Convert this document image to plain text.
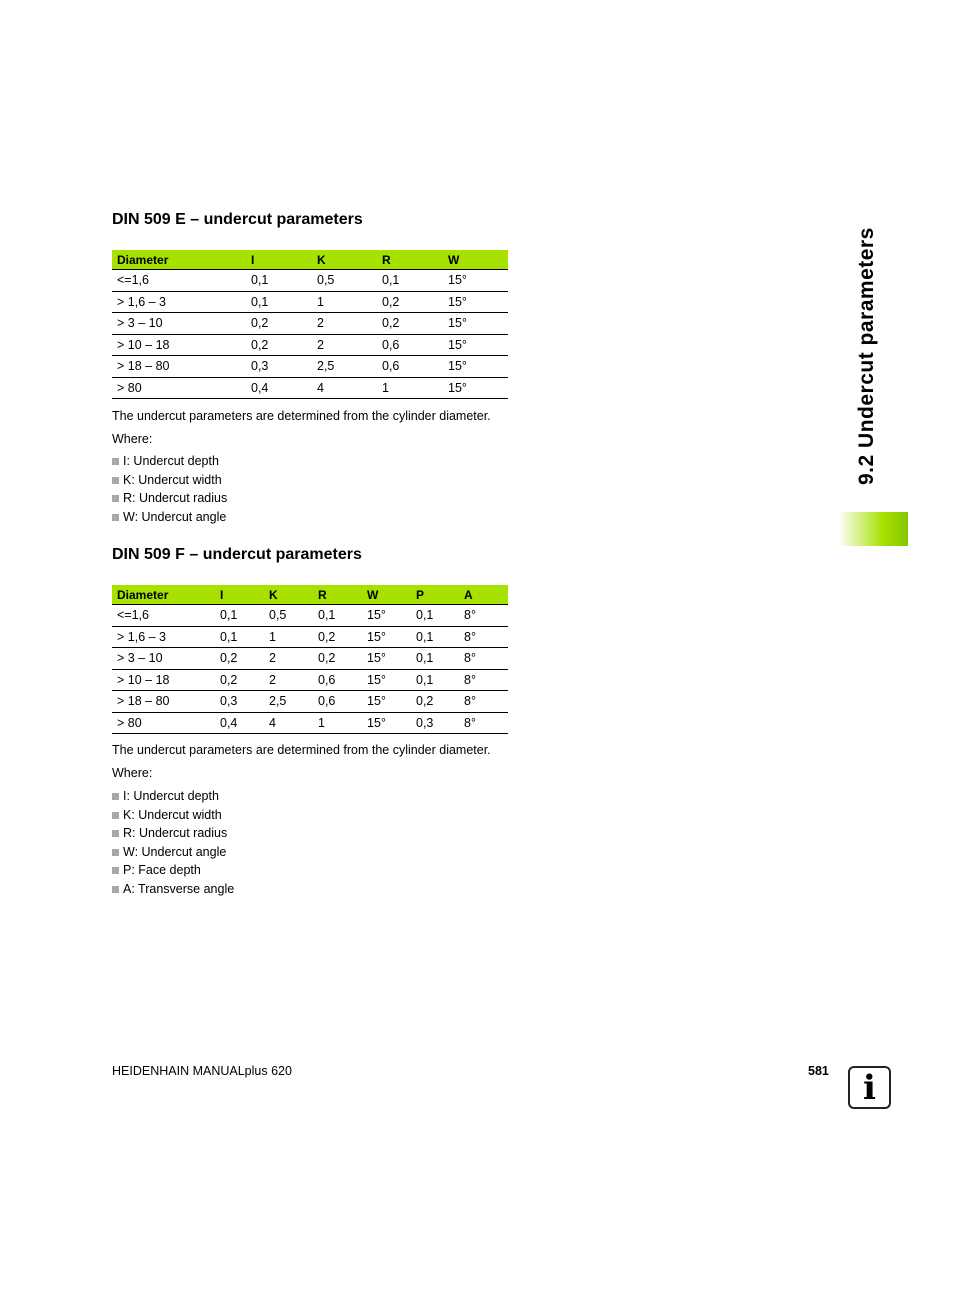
DIN 509 E – undercut parameters
Diameter	I	K	R	W
<=1,6	0,1	0,5	0,1	15°
> 1,6 – 3	0,1	1	0,2	15°
> 3 – 10	0,2	2	0,2	15°
> 10 – 18	0,2	2	0,6	15°
> 18 – 80	0,3	2,5	0,6	15°
> 80	0,4	4	1	15°

The undercut parameters are determined from the cylinder diameter.

Where:

I: Undercut depth
K: Undercut width
R: Undercut radius
W: Undercut angle
DIN 509 F – undercut parameters
Diameter	I	K	R	W	P	A
<=1,6	0,1	0,5	0,1	15°	0,1	8°
> 1,6 – 3	0,1	1	0,2	15°	0,1	8°
> 3 – 10	0,2	2	0,2	15°	0,1	8°
> 10 – 18	0,2	2	0,6	15°	0,1	8°
> 18 – 80	0,3	2,5	0,6	15°	0,2	8°
> 80	0,4	4	1	15°	0,3	8°

The undercut parameters are determined from the cylinder diameter.

Where:

I: Undercut depth
K: Undercut width
R: Undercut radius
W: Undercut angle
P: Face depth
A: Transverse angle
9.2 Undercut parameters
HEIDENHAIN MANUALplus 620	581	i
